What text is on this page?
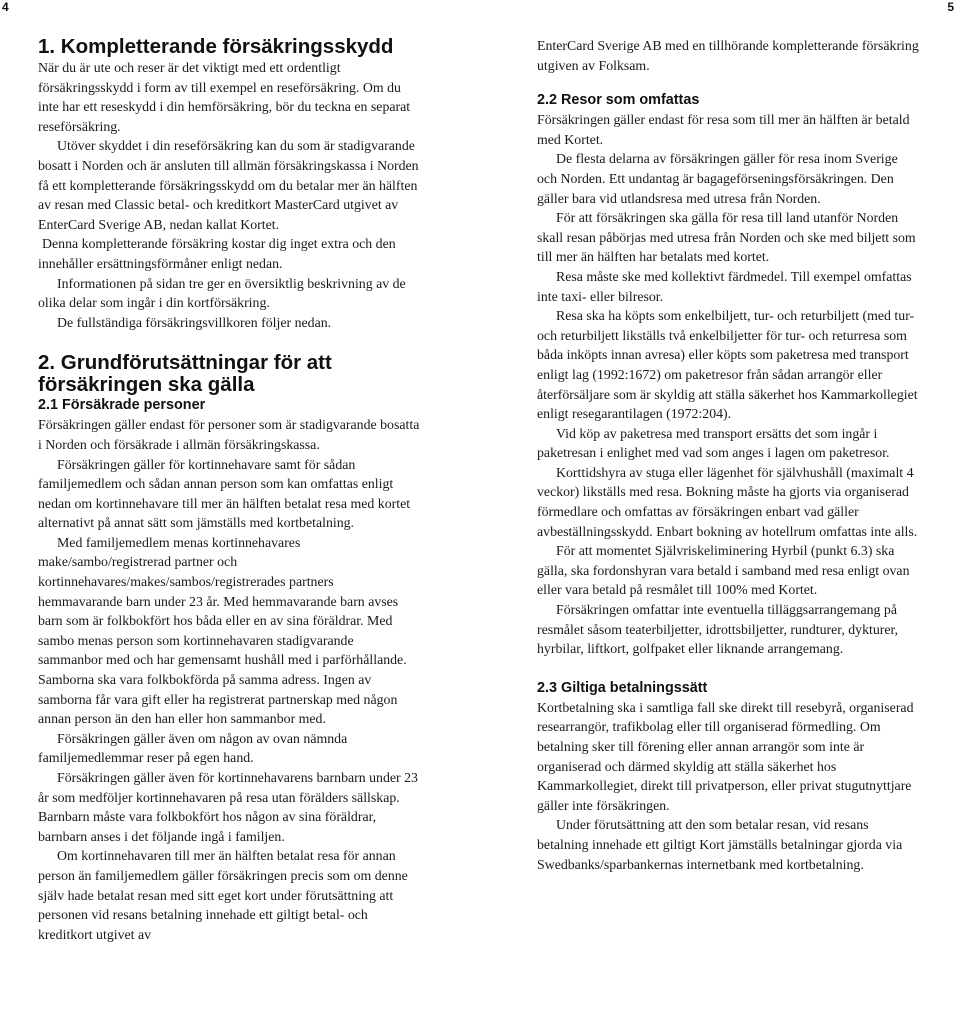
4	5
1. Kompletterande försäkringsskydd

När du är ute och reser är det viktigt med ett ordentligt försäkringsskydd i form av till exempel en reseförsäkring. Om du inte har ett reseskydd i din hemförsäkring, bör du teckna en separat reseförsäkring.

Utöver skyddet i din reseförsäkring kan du som är stadigvarande bosatt i Norden och är ansluten till allmän försäkringskassa i Norden få ett kompletterande försäkringsskydd om du betalar mer än hälften av resan med Classic betal- och kreditkort MasterCard utgivet av EnterCard Sverige AB, nedan kallat Kortet.

Denna kompletterande försäkring kostar dig inget extra och den innehåller ersättningsförmåner enligt nedan.

Informationen på sidan tre ger en översiktlig beskrivning av de olika delar som ingår i din kortförsäkring.

De fullständiga försäkringsvillkoren följer nedan.

2. Grundförutsättningar för att försäkringen ska gälla
2.1 Försäkrade personer

Försäkringen gäller endast för personer som är stadigvarande bosatta i Norden och försäkrade i allmän försäkringskassa.

Försäkringen gäller för kortinnehavare samt för sådan familjemedlem och sådan annan person som kan omfattas enligt nedan om kortinnehavare till mer än hälften betalat resa med kortet alternativt på annat sätt som jämställs med kortbetalning.

Med familjemedlem menas kortinnehavares make/sambo/registrerad partner och kortinnehavares/makes/sambos/registrerades partners hemmavarande barn under 23 år. Med hemmavarande barn avses barn som är folkbokfört hos båda eller en av sina föräldrar. Med sambo menas person som kortinnehavaren stadigvarande sammanbor med och har gemensamt hushåll med i parförhållande. Samborna ska vara folkbokförda på samma adress. Ingen av samborna får vara gift eller ha registrerat partnerskap med någon annan person än den han eller hon sammanbor med.

Försäkringen gäller även om någon av ovan nämnda familjemedlemmar reser på egen hand.

Försäkringen gäller även för kortinnehavarens barnbarn under 23 år som medföljer kortinnehavaren på resa utan förälders sällskap. Barnbarn måste vara folkbokfört hos någon av sina föräldrar, barnbarn anses i det följande ingå i familjen.

Om kortinnehavaren till mer än hälften betalat resa för annan person än familjemedlem gäller försäkringen precis som om denne själv hade betalat resan med sitt eget kort under förutsättning att personen vid resans betalning innehade ett giltigt betal- och kreditkort utgivet av

EnterCard Sverige AB med en tillhörande kompletterande försäkring utgiven av Folksam.

2.2 Resor som omfattas

Försäkringen gäller endast för resa som till mer än hälften är betald med Kortet.

De flesta delarna av försäkringen gäller för resa inom Sverige och Norden. Ett undantag är bagageförseningsförsäkringen. Den gäller bara vid utlandsresa med utresa från Norden.

För att försäkringen ska gälla för resa till land utanför Norden skall resan påbörjas med utresa från Norden och ske med biljett som till mer än hälften har betalats med kortet.

Resa måste ske med kollektivt färdmedel. Till exempel omfattas inte taxi- eller bilresor.

Resa ska ha köpts som enkelbiljett, tur- och returbiljett (med tur- och returbiljett likställs två enkelbiljetter för tur- och returresa som båda inköpts innan avresa) eller köpts som paketresa med transport enligt lag (1992:1672) om paketresor från sådan arrangör eller återförsäljare som är skyldig att ställa säkerhet hos Kammarkollegiet enligt resegarantilagen (1972:204).

Vid köp av paketresa med transport ersätts det som ingår i paketresan i enlighet med vad som anges i lagen om paketresor.

Korttidshyra av stuga eller lägenhet för självhushåll (maximalt 4 veckor) likställs med resa. Bokning måste ha gjorts via organiserad förmedlare och omfattas av försäkringen enbart vad gäller avbeställningsskydd. Enbart bokning av hotellrum omfattas inte alls.

För att momentet Självriskeliminering Hyrbil (punkt 6.3) ska gälla, ska fordonshyran vara betald i samband med resa enligt ovan eller vara betald på resmålet till 100% med Kortet.

Försäkringen omfattar inte eventuella tilläggsarrangemang på resmålet såsom teaterbiljetter, idrottsbiljetter, rundturer, dykturer, hyrbilar, liftkort, golfpaket eller liknande arrangemang.

2.3 Giltiga betalningssätt

Kortbetalning ska i samtliga fall ske direkt till resebyrå, organiserad researrangör, trafikbolag eller till organiserad förmedling. Om betalning sker till förening eller annan arrangör som inte är organiserad och därmed skyldig att ställa säkerhet hos Kammarkollegiet, direkt till privatperson, eller privat stugutnyttjare gäller inte försäkringen.

Under förutsättning att den som betalar resan, vid resans betalning innehade ett giltigt Kort jämställs betalningar gjorda via Swedbanks/sparbankernas internetbank med kortbetalning.
